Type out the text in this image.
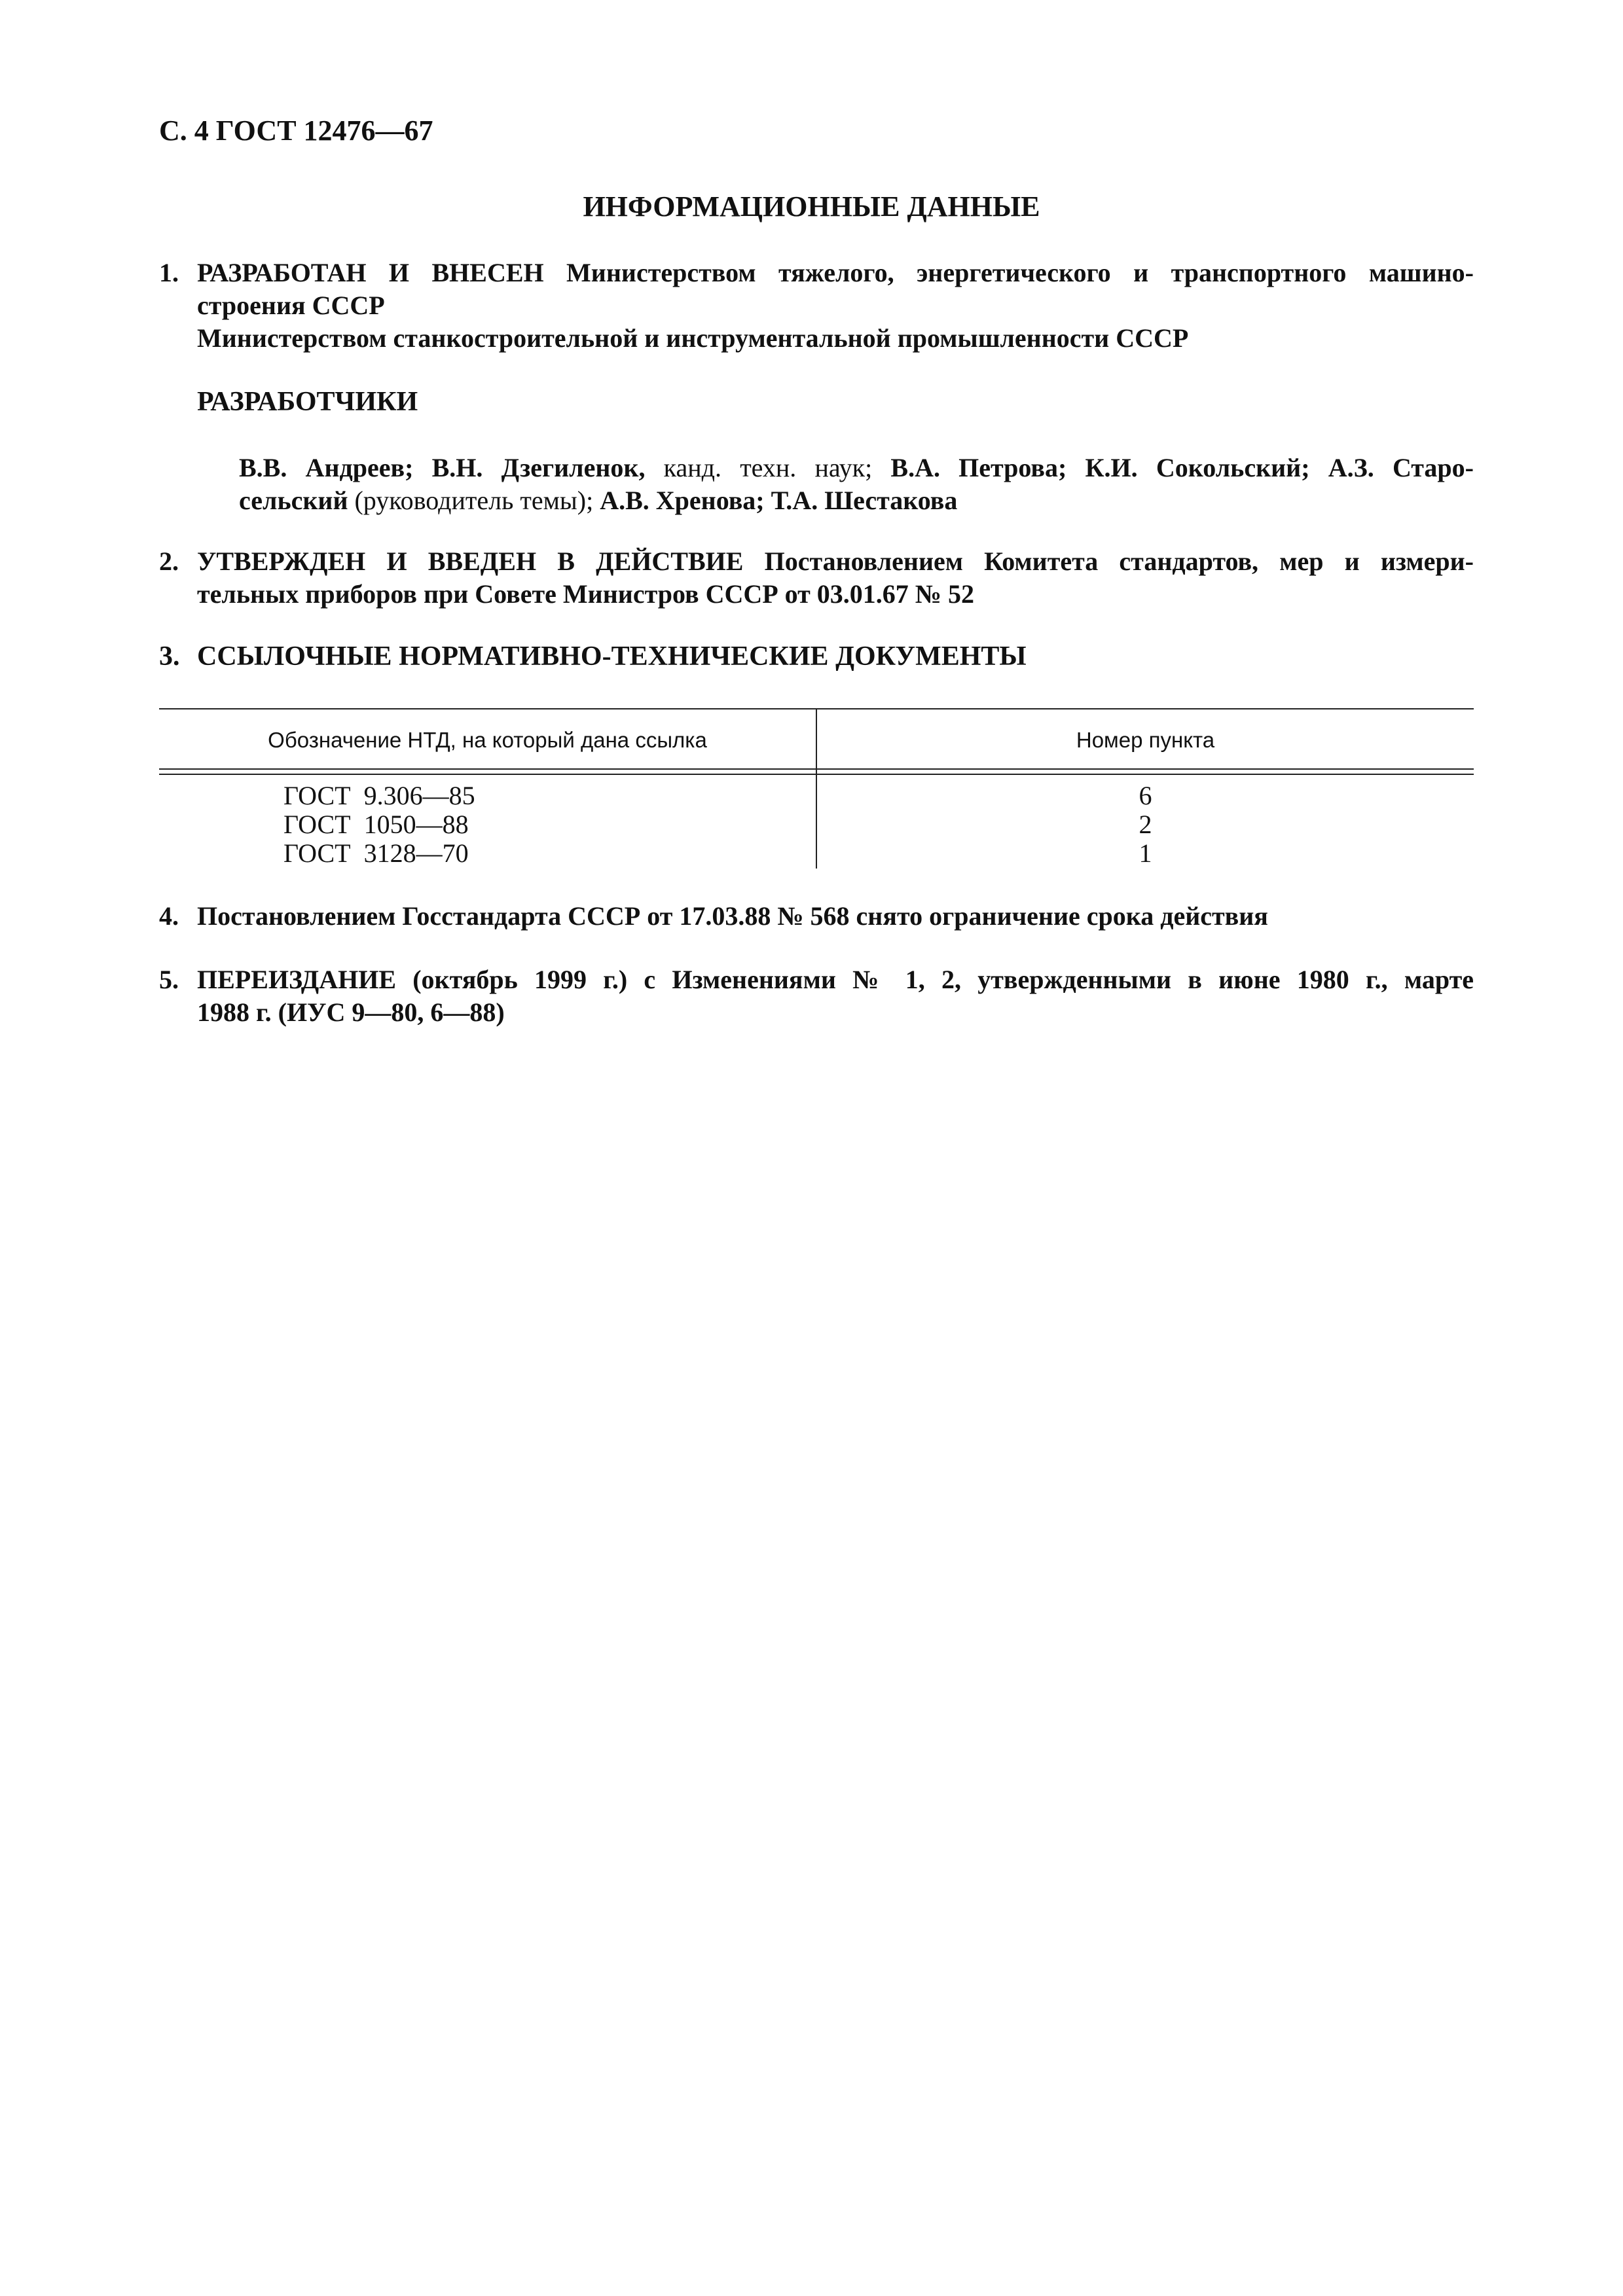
С. 4 ГОСТ 12476—67
ИНФОРМАЦИОННЫЕ ДАННЫЕ
1. РАЗРАБОТАН И ВНЕСЕН Министерством тяжелого, энергетического и транспортного машино-
строения СССР
Министерством станкостроительной и инструментальной промышленности СССР
РАЗРАБОТЧИКИ
В.В. Андреев; В.Н. Дзегиленок, канд. техн. наук; В.А. Петрова; К.И. Сокольский; А.З. Старо-
сельский (руководитель темы); А.В. Хренова; Т.А. Шестакова
2. УТВЕРЖДЕН И ВВЕДЕН В ДЕЙСТВИЕ Постановлением Комитета стандартов, мер и измери-
тельных приборов при Совете Министров СССР от 03.01.67 № 52
3. ССЫЛОЧНЫЕ НОРМАТИВНО-ТЕХНИЧЕСКИЕ ДОКУМЕНТЫ
Обозначение НТД, на который дана ссылка	Номер пункта
ГОСТ  9.306—85
ГОСТ  1050—88
ГОСТ  3128—70
6
2
1
4. Постановлением Госстандарта СССР от 17.03.88 № 568 снято ограничение срока действия
5. ПЕРЕИЗДАНИЕ (октябрь 1999 г.) с Изменениями № 1, 2, утвержденными в июне 1980 г., марте
1988 г. (ИУС 9—80, 6—88)
